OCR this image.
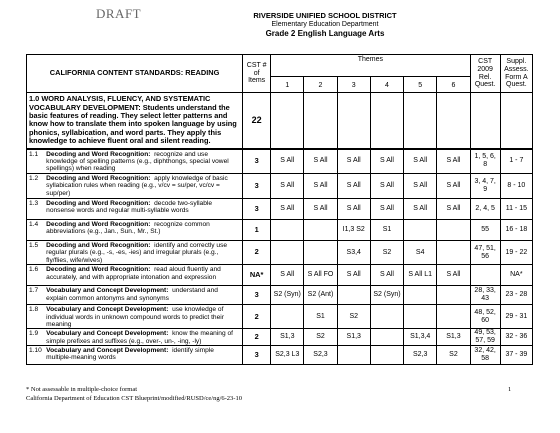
DRAFT	RIVERSIDE UNIFIED SCHOOL DISTRICT
Elementary Education Department
Grade 2 English Language Arts
CALIFORNIA CONTENT STANDARDS: READING		CST # of Items	Themes						CST 2009 Rel. Quest.	Suppl. Assess. Form A Quest.
			1	2	3	4	5	6		
1.0 WORD ANALYSIS, FLUENCY, AND SYSTEMATIC VOCABULARY DEVELOPMENT: Students understand the basic features of reading. They select letter patterns and know how to translate them into spoken language by using phonics, syllabication, and word parts. They apply this knowledge to achieve fluent oral and silent reading.		22								
1.1	Decoding and Word Recognition: recognize and use knowledge of spelling patterns (e.g., diphthongs, special vowel spellings) when reading	3	S All	S All	S All	S All	S All	S All	1, 5, 6, 8	1 - 7
1.2	Decoding and Word Recognition: apply knowledge of basic syllabication rules when reading (e.g., v/cv = su/per, vc/cv = sup/per)	3	S All	S All	S All	S All	S All	S All	3, 4, 7, 9	8 - 10
1.3	Decoding and Word Recognition: decode two-syllable nonsense words and regular multi-syllable words	3	S All	S All	S All	S All	S All	S All	2, 4, 5	11 - 15
1.4	Decoding and Word Recognition: recognize common abbreviations (e.g., Jan., Sun., Mr., St.)	1			I1,3 S2	S1			55	16 - 18
1.5	Decoding and Word Recognition: identify and correctly use regular plurals (e.g., -s, -es, -ies) and irregular plurals (e.g., fly/flies, wife/wives)	2			S3,4	S2	S4		47, 51, 56	19 - 22
1.6	Decoding and Word Recognition: read aloud fluently and accurately, and with appropriate intonation and expression	NA*	S All	S All FO	S All	S All	S All L1	S All		NA*
1.7	Vocabulary and Concept Development: understand and explain common antonyms and synonyms	3	S2 (Syn)	S2 (Ant)		S2 (Syn)			28, 33, 43	23 - 28
1.8	Vocabulary and Concept Development: use knowledge of individual words in unknown compound words to predict their meaning	2		S1	S2				48, 52, 60	29 - 31
1.9	Vocabulary and Concept Development: know the meaning of simple prefixes and suffixes (e.g., over-, un-, -ing, -ly)	2	S1,3	S2	S1,3		S1,3,4	S1,3	49, 53, 57, 59	32 - 36
1.10	Vocabulary and Concept Development: identify simple multiple-meaning words	3	S2,3 L3	S2,3			S2,3	S2	32, 42, 58	37 - 39
* Not assessable in multiple-choice format
California Department of Education CST Blueprint/modified/RUSD/ce/ng/6-23-10
1
